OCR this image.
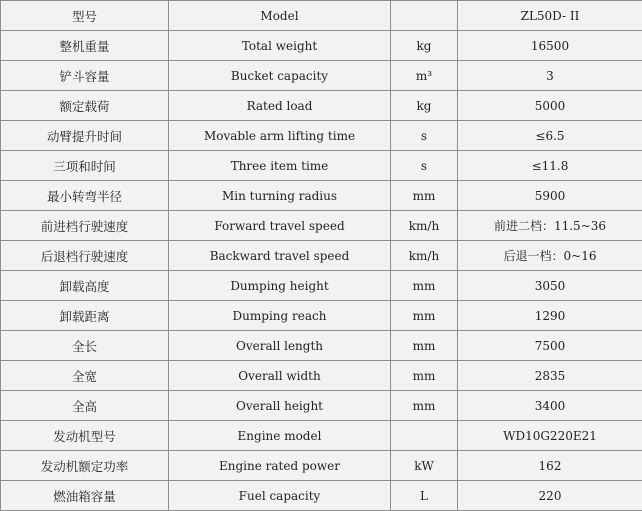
型号	Model		ZL50D- II
整机重量	Total weight	kg	16500
铲斗容量	Bucket capacity	m³	3
额定载荷	Rated load	kg	5000
动臂提升时间	Movable arm lifting time	s	≤6.5
三项和时间	Three item time	s	≤11.8
最小转弯半径	Min turning radius	mm	5900
前进档行驶速度	Forward travel speed	km/h	前进二档：11.5~36
后退档行驶速度	Backward travel speed	km/h	后退一档：0~16
卸载高度	Dumping height	mm	3050
卸载距离	Dumping reach	mm	1290
全长	Overall length	mm	7500
全宽	Overall width	mm	2835
全高	Overall height	mm	3400
发动机型号	Engine model		WD10G220E21
发动机额定功率	Engine rated power	kW	162
燃油箱容量	Fuel capacity	L	220
